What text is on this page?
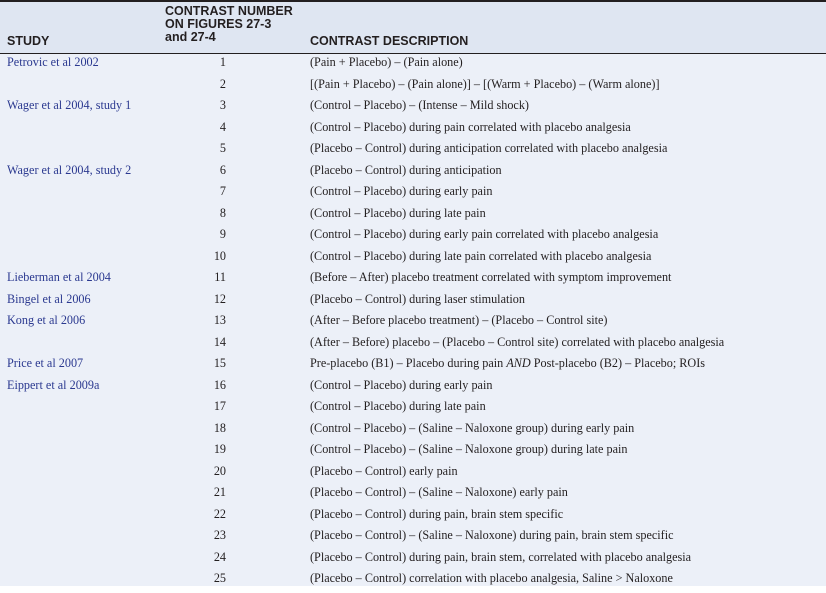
STUDY
CONTRAST NUMBER
ON FIGURES 27-3
and 27-4	CONTRAST DESCRIPTION
Petrovic et al 2002	1	(Pain + Placebo) – (Pain alone)
2	[(Pain + Placebo) – (Pain alone)] – [(Warm + Placebo) – (Warm alone)]
Wager et al 2004, study 1	3	(Control – Placebo) – (Intense – Mild shock)
4	(Control – Placebo) during pain correlated with placebo analgesia
5	(Placebo – Control) during anticipation correlated with placebo analgesia
Wager et al 2004, study 2	6	(Placebo – Control) during anticipation
7	(Control – Placebo) during early pain
8	(Control – Placebo) during late pain
9	(Control – Placebo) during early pain correlated with placebo analgesia
10	(Control – Placebo) during late pain correlated with placebo analgesia
Lieberman et al 2004	11	(Before – After) placebo treatment correlated with symptom improvement
Bingel et al 2006	12	(Placebo – Control) during laser stimulation
Kong et al 2006	13	(After – Before placebo treatment) – (Placebo – Control site)
14	(After – Before) placebo – (Placebo – Control site) correlated with placebo analgesia
Price et al 2007	15	Pre-placebo (B1) – Placebo during pain AND Post-placebo (B2) – Placebo; ROIs
Eippert et al 2009a	16	(Control – Placebo) during early pain
17	(Control – Placebo) during late pain
18	(Control – Placebo) – (Saline – Naloxone group) during early pain
19	(Control – Placebo) – (Saline – Naloxone group) during late pain
20	(Placebo – Control) early pain
21	(Placebo – Control) – (Saline – Naloxone) early pain
22	(Placebo – Control) during pain, brain stem specific
23	(Placebo – Control) – (Saline – Naloxone) during pain, brain stem specific
24	(Placebo – Control) during pain, brain stem, correlated with placebo analgesia
25	(Placebo – Control) correlation with placebo analgesia, Saline > Naloxone
